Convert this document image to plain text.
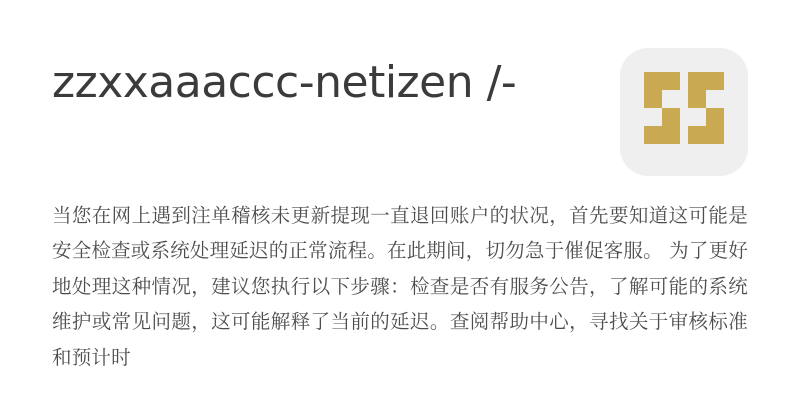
zzxxaaaccc-netizen /-

当您在网上遇到注单稽核未更新提现一直退回账户的状况，首先要知道这可能是安全检查或系统处理延迟的正常流程。在此期间，切勿急于催促客服。 为了更好地处理这种情况，建议您执行以下步骤：检查是否有服务公告，了解可能的系统维护或常见问题，这可能解释了当前的延迟。查阅帮助中心，寻找关于审核标准和预计时
